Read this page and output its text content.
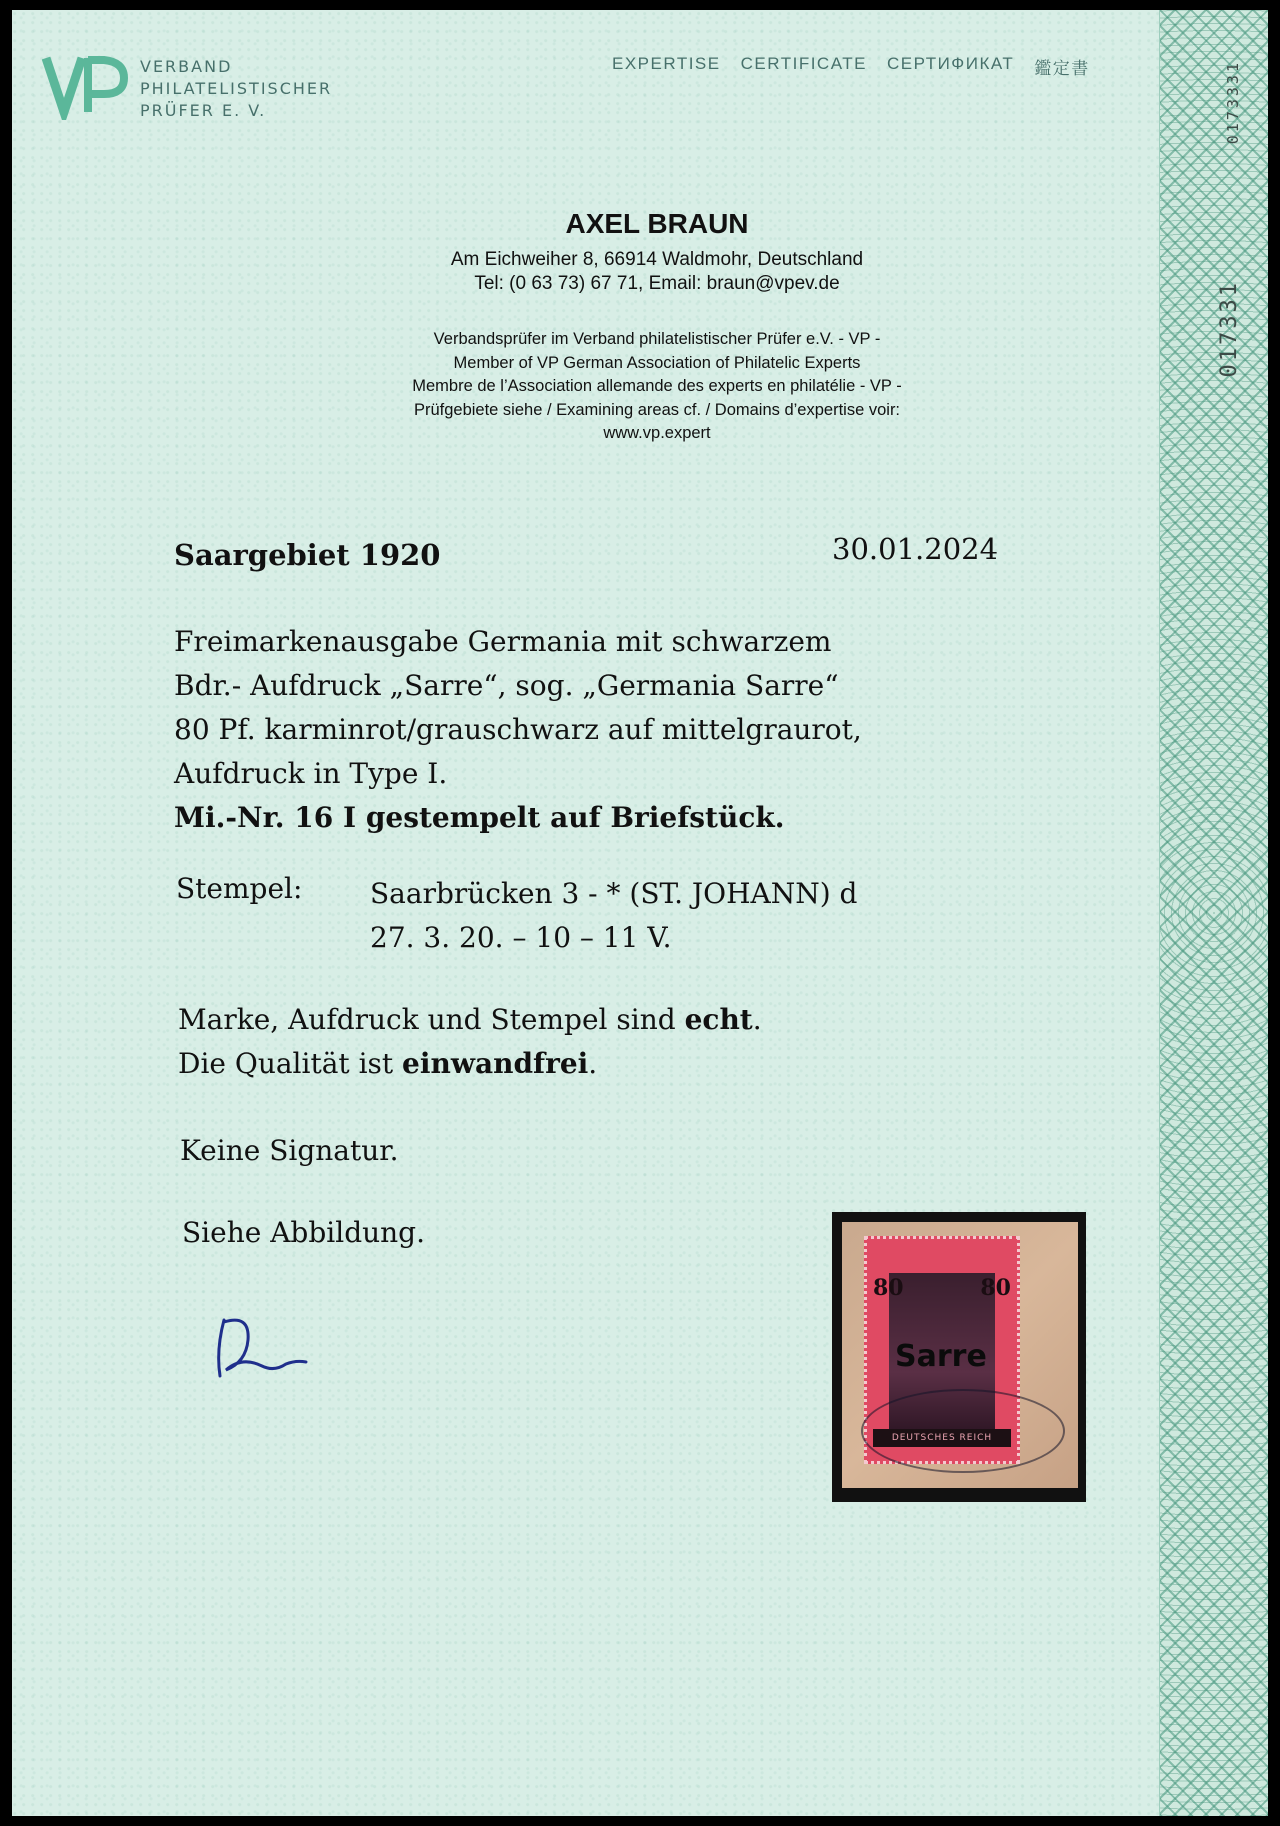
0173331
017331
VERBAND
PHILATELISTISCHER
PRÜFER E. V.
EXPERTISE CERTIFICATE СЕРТИФИКАТ 鑑定書
AXEL BRAUN
Am Eichweiher 8, 66914 Waldmohr, Deutschland
Tel: (0 63 73) 67 71, Email: braun@vpev.de
Verbandsprüfer im Verband philatelistischer Prüfer e.V. - VP -
Member of VP German Association of Philatelic Experts
Membre de l’Association allemande des experts en philatélie - VP -
Prüfgebiete siehe / Examining areas cf. / Domains d’expertise voir:
www.vp.expert
Saargebiet 1920	30.01.2024
Freimarkenausgabe Germania mit schwarzem
Bdr.- Aufdruck „Sarre“, sog. „Germania Sarre“
80 Pf. karminrot/grauschwarz auf mittelgraurot,
Aufdruck in Type I.
Mi.-Nr. 16 I gestempelt auf Briefstück.
Stempel: Saarbrücken 3 - * (ST. JOHANN) d
27. 3. 20. – 10 – 11 V.
Marke, Aufdruck und Stempel sind echt.
Die Qualität ist einwandfrei.
Keine Signatur.
Siehe Abbildung.
80	80
Sarre
DEUTSCHES REICH
